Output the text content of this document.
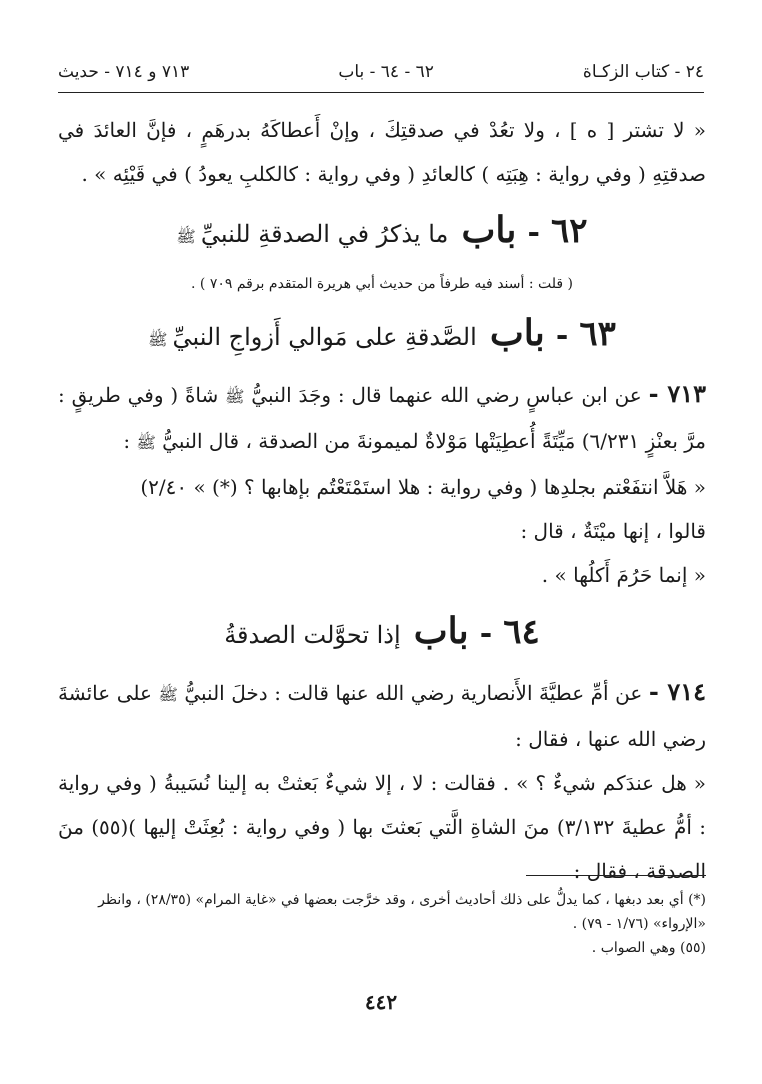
٢٤ - كتاب الزكـاة
٦٢ - ٦٤ - باب
٧١٣ و ٧١٤ - حديث

« لا تشتر [ ه ] ، ولا تعُدْ في صدقتِكَ ، وإنْ أَعطاكَهُ بدرهَمٍ ، فإنَّ العائدَ في صدقتِهِ ( وفي رواية : هِبَتِه ) كالعائدِ ( وفي رواية : كالكلبِ يعودُ ) في قَيْئِه » .

٦٢ - باب ما يذكرُ في الصدقةِ للنبيِّ ﷺ

( قلت : أسند فيه طرفاً من حديث أبي هريرة المتقدم برقم ٧٠٩ ) .

٦٣ - باب الصَّدقةِ على مَوالي أَزواجِ النبيِّ ﷺ

٧١٣ - عن ابن عباسٍ رضي الله عنهما قال : وجَدَ النبيُّ ﷺ شاةً ( وفي طريقٍ : مرَّ بعنْزٍ ٦/٢٣١) مَيِّتَةً أُعطِيَتْها مَوْلاةٌ لميمونةَ من الصدقة ، قال النبيُّ ﷺ :

« هَلاَّ انتفَعْتم بجلدِها ( وفي رواية : هلا استَمْتَعْتُم بإهابها ؟ (*) » ٢/٤٠)

قالوا ، إنها ميْتَةٌ ، قال :

« إنما حَرُمَ أَكلُها » .

٦٤ - باب إذا تحوَّلت الصدقةُ

٧١٤ - عن أمِّ عطيَّةَ الأَنصارية رضي الله عنها قالت : دخلَ النبيُّ ﷺ على عائشةَ رضي الله عنها ، فقال :

« هل عندَكم شيءٌ ؟ » . فقالت : لا ، إلا شيءٌ بَعثتْ به إلينا نُسَيبةُ ( وفي رواية : أمُّ عطيةَ ٣/١٣٢) منَ الشاةِ الَّتي بَعثتَ بها ( وفي رواية : بُعِثَتْ إليها )(٥٥) منَ الصدقة ، فقال :

(*) أي بعد دبغها ، كما يدلُّ على ذلك أحاديث أخرى ، وقد خرَّجت بعضها في «غاية المرام» (٢٨/٣٥) ، وانظر «الإرواء» (١/٧٦ - ٧٩) .

(٥٥) وهي الصواب .

٤٤٢
